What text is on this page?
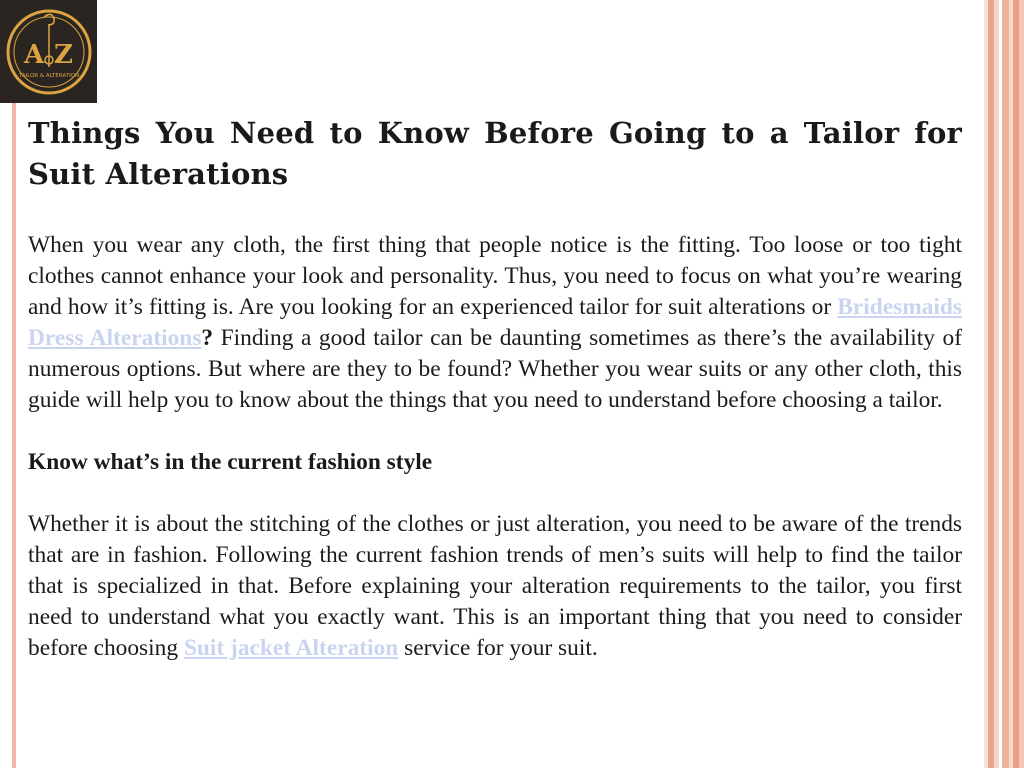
A Z
TAILOR & ALTERATION
Things You Need to Know Before Going to a Tailor for Suit Alterations

When you wear any cloth, the first thing that people notice is the fitting. Too loose or too tight clothes cannot enhance your look and personality. Thus, you need to focus on what you’re wearing and how it’s fitting is. Are you looking for an experienced tailor for suit alterations or Bridesmaids Dress Alterations? Finding a good tailor can be daunting sometimes as there’s the availability of numerous options. But where are they to be found? Whether you wear suits or any other cloth, this guide will help you to know about the things that you need to understand before choosing a tailor.

Know what’s in the current fashion style

Whether it is about the stitching of the clothes or just alteration, you need to be aware of the trends that are in fashion. Following the current fashion trends of men’s suits will help to find the tailor that is specialized in that. Before explaining your alteration requirements to the tailor, you first need to understand what you exactly want. This is an important thing that you need to consider before choosing Suit jacket Alteration service for your suit.
